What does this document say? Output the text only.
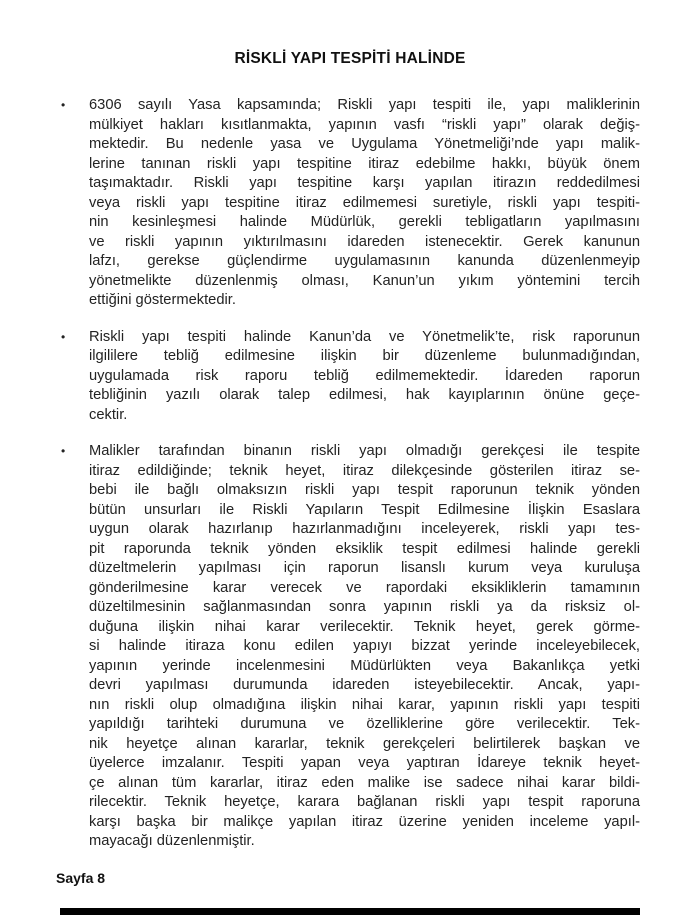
RİSKLİ YAPI TESPİTİ HALİNDE
•	6306 sayılı Yasa kapsamında; Riskli yapı tespiti ile, yapı maliklerinin
mülkiyet hakları kısıtlanmakta, yapının vasfı “riskli yapı” olarak değiş-
mektedir. Bu nedenle yasa ve Uygulama Yönetmeliği’nde yapı malik-
lerine tanınan riskli yapı tespitine itiraz edebilme hakkı, büyük önem
taşımaktadır. Riskli yapı tespitine karşı yapılan itirazın reddedilmesi
veya riskli yapı tespitine itiraz edilmemesi suretiyle, riskli yapı tespiti-
nin kesinleşmesi halinde Müdürlük, gerekli tebligatların yapılmasını
ve riskli yapının yıktırılmasını idareden istenecektir. Gerek kanunun
lafzı, gerekse güçlendirme uygulamasının kanunda düzenlenmeyip
yönetmelikte düzenlenmiş olması, Kanun’un yıkım yöntemini tercih
ettiğini göstermektedir.
•	Riskli yapı tespiti halinde Kanun’da ve Yönetmelik’te, risk raporunun
ilgililere tebliğ edilmesine ilişkin bir düzenleme bulunmadığından,
uygulamada risk raporu tebliğ edilmemektedir. İdareden raporun
tebliğinin yazılı olarak talep edilmesi, hak kayıplarının önüne geçe-
cektir.
•	Malikler tarafından binanın riskli yapı olmadığı gerekçesi ile tespite
itiraz edildiğinde; teknik heyet, itiraz dilekçesinde gösterilen itiraz se-
bebi ile bağlı olmaksızın riskli yapı tespit raporunun teknik yönden
bütün unsurları ile Riskli Yapıların Tespit Edilmesine İlişkin Esaslara
uygun olarak hazırlanıp hazırlanmadığını inceleyerek, riskli yapı tes-
pit raporunda teknik yönden eksiklik tespit edilmesi halinde gerekli
düzeltmelerin yapılması için raporun lisanslı kurum veya kuruluşa
gönderilmesine karar verecek ve rapordaki eksikliklerin tamamının
düzeltilmesinin sağlanmasından sonra yapının riskli ya da risksiz ol-
duğuna ilişkin nihai karar verilecektir. Teknik heyet, gerek görme-
si halinde itiraza konu edilen yapıyı bizzat yerinde inceleyebilecek,
yapının yerinde incelenmesini Müdürlükten veya Bakanlıkça yetki
devri yapılması durumunda idareden isteyebilecektir. Ancak, yapı-
nın riskli olup olmadığına ilişkin nihai karar, yapının riskli yapı tespiti
yapıldığı tarihteki durumuna ve özelliklerine göre verilecektir. Tek-
nik heyetçe alınan kararlar, teknik gerekçeleri belirtilerek başkan ve
üyelerce imzalanır. Tespiti yapan veya yaptıran İdareye teknik heyet-
çe alınan tüm kararlar, itiraz eden malike ise sadece nihai karar bildi-
rilecektir. Teknik heyetçe, karara bağlanan riskli yapı tespit raporuna
karşı başka bir malikçe yapılan itiraz üzerine yeniden inceleme yapıl-
mayacağı düzenlenmiştir.
Sayfa 8
